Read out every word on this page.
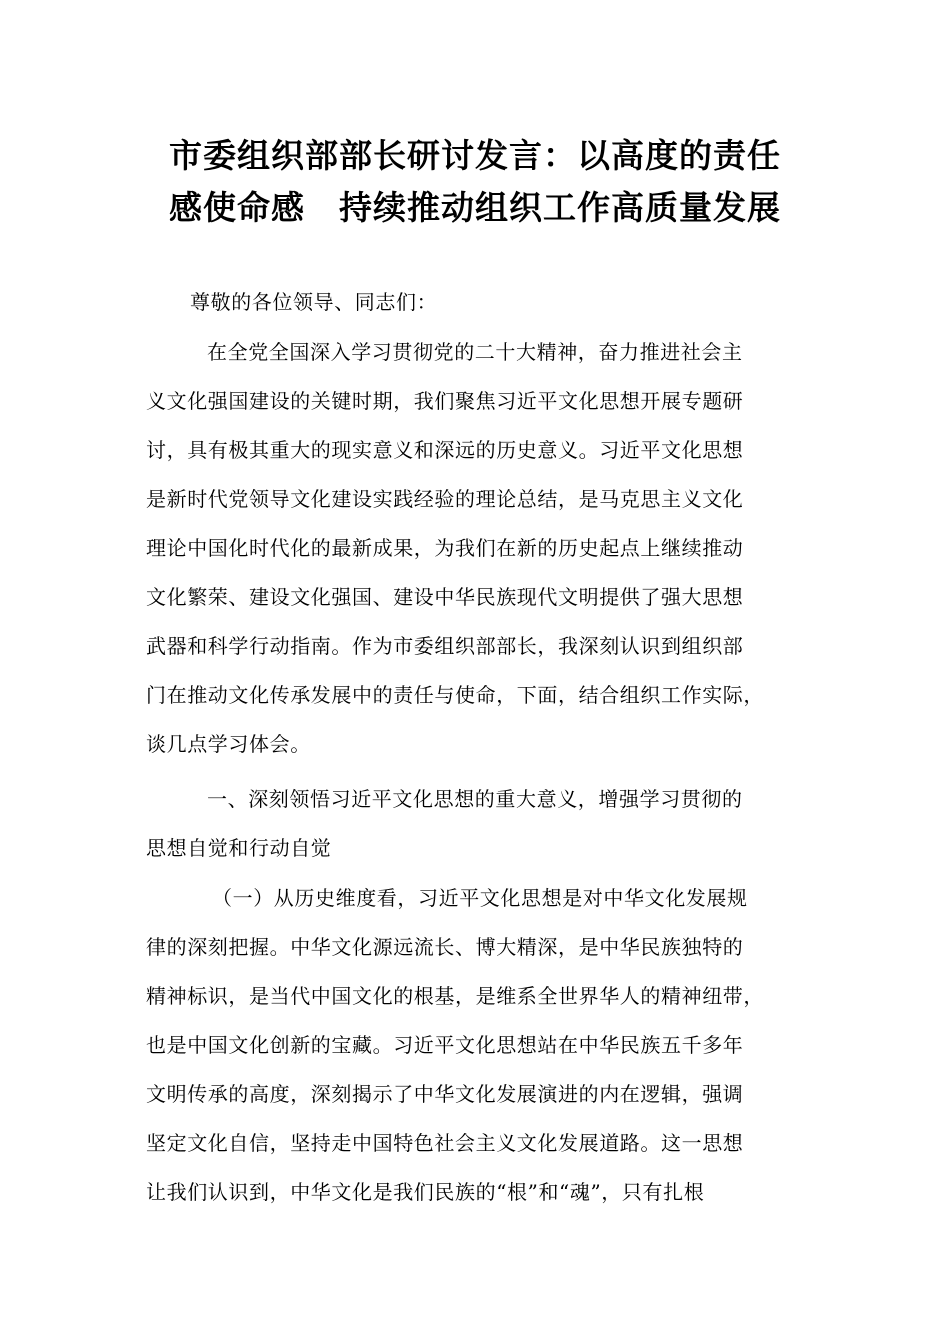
市委组织部部长研讨发言：以高度的责任
感使命感　持续推动组织工作高质量发展
尊敬的各位领导、同志们：
在全党全国深入学习贯彻党的二十大精神，奋力推进社会主
义文化强国建设的关键时期，我们聚焦习近平文化思想开展专题研
讨，具有极其重大的现实意义和深远的历史意义。习近平文化思想
是新时代党领导文化建设实践经验的理论总结，是马克思主义文化
理论中国化时代化的最新成果，为我们在新的历史起点上继续推动
文化繁荣、建设文化强国、建设中华民族现代文明提供了强大思想
武器和科学行动指南。作为市委组织部部长，我深刻认识到组织部
门在推动文化传承发展中的责任与使命，下面，结合组织工作实际，
谈几点学习体会。
一、深刻领悟习近平文化思想的重大意义，增强学习贯彻的
思想自觉和行动自觉
（一）从历史维度看，习近平文化思想是对中华文化发展规
律的深刻把握。中华文化源远流长、博大精深，是中华民族独特的
精神标识，是当代中国文化的根基，是维系全世界华人的精神纽带，
也是中国文化创新的宝藏。习近平文化思想站在中华民族五千多年
文明传承的高度，深刻揭示了中华文化发展演进的内在逻辑，强调
坚定文化自信，坚持走中国特色社会主义文化发展道路。这一思想
让我们认识到，中华文化是我们民族的“根”和“魂”，只有扎根
